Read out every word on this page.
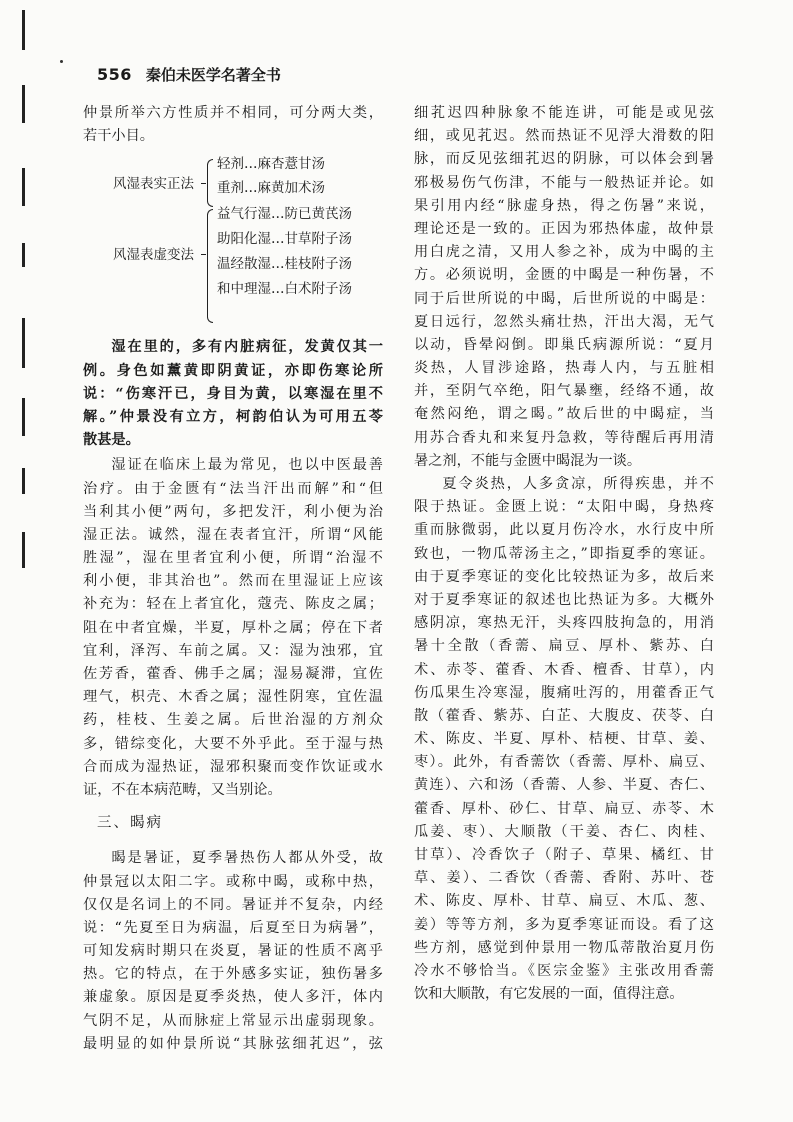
556 秦伯未医学名著全书
仲景所举六方性质并不相同，可分两大类，
若干小目。
风湿表实正法
轻剂…麻杏薏甘汤
重剂…麻黄加术汤
风湿表虚变法
益气行湿…防已黄芪汤
助阳化湿…甘草附子汤
温经散湿…桂枝附子汤
和中理湿…白术附子汤
湿在里的，多有内脏病征，发黄仅其一
例。身色如薰黄即阴黄证，亦即伤寒论所
说：“伤寒汗已，身目为黄，以寒湿在里不
解。”仲景没有立方，柯韵伯认为可用五苓
散甚是。
湿证在临床上最为常见，也以中医最善
治疗。由于金匮有“法当汗出而解”和“但
当利其小便”两句，多把发汗，利小便为治
湿正法。诚然，湿在表者宜汗，所谓“风能
胜湿”，湿在里者宜利小便，所谓“治湿不
利小便，非其治也”。然而在里湿证上应该
补充为：轻在上者宜化，蔻壳、陈皮之属；
阻在中者宜燥，半夏，厚朴之属；停在下者
宜利，泽泻、车前之属。又：湿为浊邪，宜
佐芳香，藿香、佛手之属；湿易凝滞，宜佐
理气，枳壳、木香之属；湿性阴寒，宜佐温
药，桂枝、生姜之属。后世治湿的方剂众
多，错综变化，大要不外乎此。至于湿与热
合而成为湿热证，湿邪积聚而变作饮证或水
证，不在本病范畴，又当别论。
三、暍病
暍是暑证，夏季暑热伤人都从外受，故
仲景冠以太阳二字。或称中暍，或称中热，
仅仅是名词上的不同。暑证并不复杂，内经
说：“先夏至日为病温，后夏至日为病暑”，
可知发病时期只在炎夏，暑证的性质不离乎
热。它的特点，在于外感多实证，独伤暑多
兼虚象。原因是夏季炎热，使人多汗，体内
气阴不足，从而脉症上常显示出虚弱现象。
最明显的如仲景所说“其脉弦细芤迟”，弦
细芤迟四种脉象不能连讲，可能是或见弦
细，或见芤迟。然而热证不见浮大滑数的阳
脉，而反见弦细芤迟的阴脉，可以体会到暑
邪极易伤气伤津，不能与一般热证并论。如
果引用内经“脉虚身热，得之伤暑”来说，
理论还是一致的。正因为邪热体虚，故仲景
用白虎之清，又用人参之补，成为中暍的主
方。必须说明，金匮的中暍是一种伤暑，不
同于后世所说的中暍，后世所说的中暍是：
夏日远行，忽然头痛壮热，汗出大渴，无气
以动，昏晕闷倒。即巢氏病源所说：“夏月
炎热，人冒涉途路，热毒人内，与五脏相
并，至阴气卒绝，阳气暴壅，经络不通，故
奄然闷绝，谓之暍。”故后世的中暍症，当
用苏合香丸和来复丹急救，等待醒后再用清
暑之剂，不能与金匮中暍混为一谈。
夏令炎热，人多贪凉，所得疾患，并不
限于热证。金匮上说：“太阳中暍，身热疼
重而脉微弱，此以夏月伤冷水，水行皮中所
致也，一物瓜蒂汤主之，”即指夏季的寒证。
由于夏季寒证的变化比较热证为多，故后来
对于夏季寒证的叙述也比热证为多。大概外
感阴凉，寒热无汗，头疼四肢拘急的，用消
暑十全散（香薷、扁豆、厚朴、紫苏、白
术、赤苓、藿香、木香、檀香、甘草），内
伤瓜果生冷寒湿，腹痛吐泻的，用藿香正气
散（藿香、紫苏、白芷、大腹皮、茯苓、白
术、陈皮、半夏、厚朴、桔梗、甘草、姜、
枣）。此外，有香薷饮（香薷、厚朴、扁豆、
黄连）、六和汤（香薷、人参、半夏、杏仁、
藿香、厚朴、砂仁、甘草、扁豆、赤苓、木
瓜姜、枣）、大顺散（干姜、杏仁、肉桂、
甘草）、冷香饮子（附子、草果、橘红、甘
草、姜）、二香饮（香薷、香附、苏叶、苍
术、陈皮、厚朴、甘草、扁豆、木瓜、葱、
姜）等等方剂，多为夏季寒证而设。看了这
些方剂，感觉到仲景用一物瓜蒂散治夏月伤
冷水不够恰当。《医宗金鉴》主张改用香薷
饮和大顺散，有它发展的一面，值得注意。
